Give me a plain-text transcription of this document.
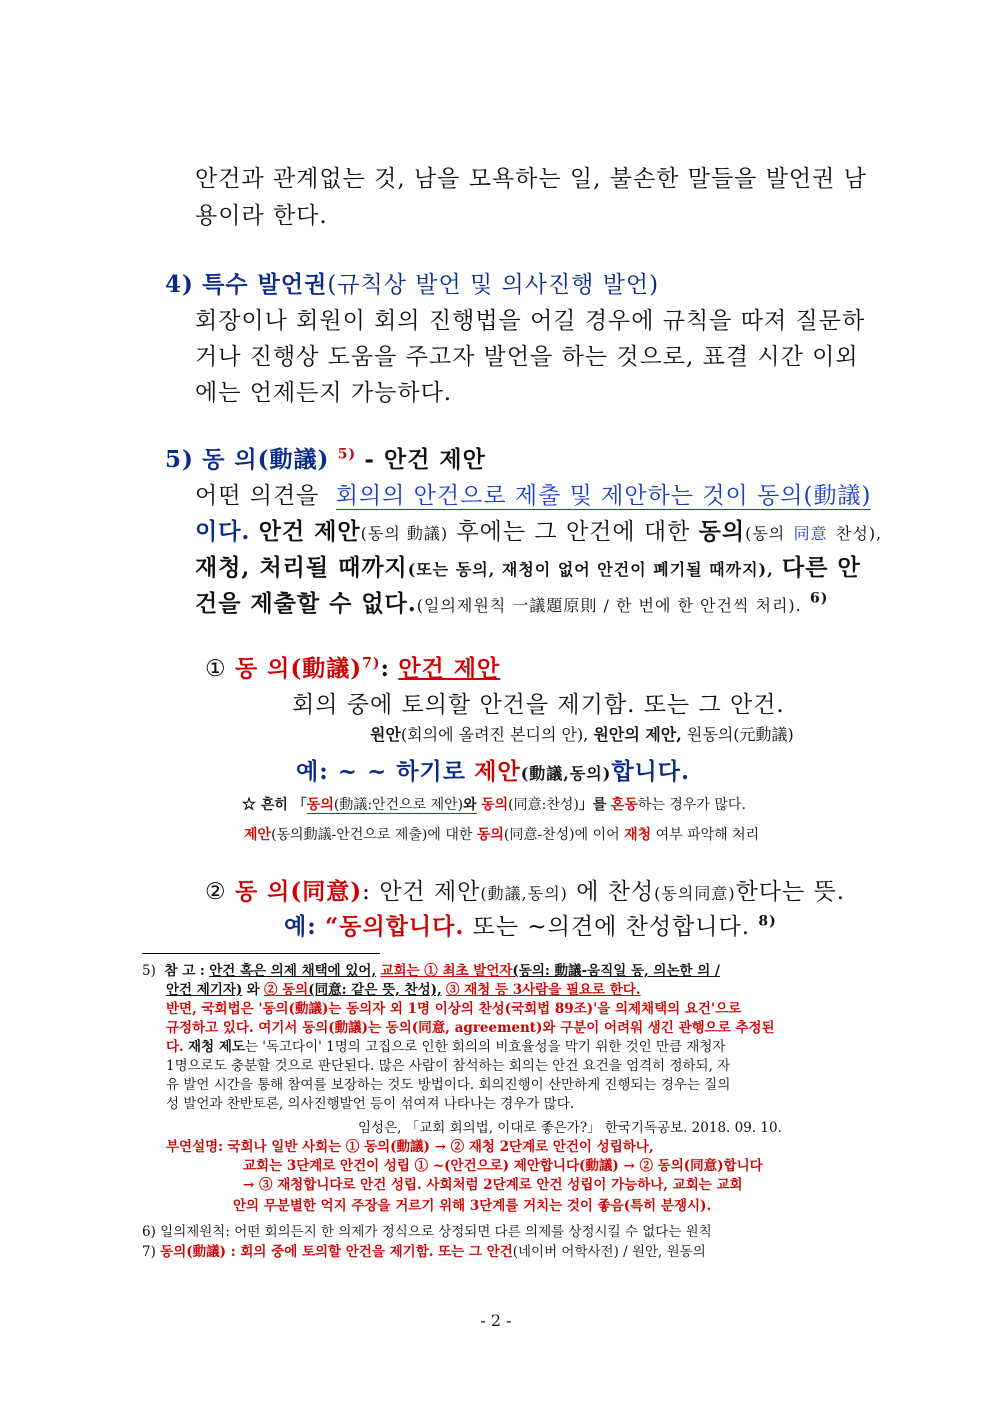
안건과 관계없는 것, 남을 모욕하는 일, 불손한 말들을 발언권 남
용이라 한다.
4) 특수 발언권(규칙상 발언 및 의사진행 발언)
회장이나 회원이 회의 진행법을 어길 경우에 규칙을 따져 질문하
거나 진행상 도움을 주고자 발언을 하는 것으로, 표결 시간 이외
에는 언제든지 가능하다.
5) 동 의(動議) $^{5)}$ - 안건 제안
어떤 의견을 회의의 안건으로 제출 및 제안하는 것이 동의(動議)
이다. 안건 제안(동의 動議) 후에는 그 안건에 대한 동의(동의 同意 찬성),
재청, 처리될 때까지(또는 동의, 재청이 없어 안건이 폐기될 때까지), 다른 안
건을 제출할 수 없다.(일의제원칙 一議題原則 / 한 번에 한 안건씩 처리). $^{6)}$
① 동 의(動議)$^{7)}$: 안건 제안
회의 중에 토의할 안건을 제기함. 또는 그 안건.
원안(회의에 올려진 본디의 안), 원안의 제안, 원동의(元動議)
예: ~ ~ 하기로 제안(動議,동의)합니다.
☆ 흔히 「동의(動議:안건으로 제안)와 동의(同意:찬성)」를 혼동하는 경우가 많다.
제안(동의動議-안건으로 제출)에 대한 동의(同意-찬성)에 이어 재청 여부 파악해 처리
② 동 의(同意): 안건 제안(動議,동의) 에 찬성(동의同意)한다는 뜻.
예: “동의합니다. 또는 ~의견에 찬성합니다. $^{8)}$
5) 참 고 : 안건 혹은 의제 채택에 있어, 교회는 ① 최초 발언자(동의: 動議-움직일 동, 의논한 의 /
안건 제기자) 와 ② 동의(同意: 같은 뜻, 찬성), ③ 재청 등 3사람을 필요로 한다.
반면, 국회법은 '동의(動議)는 동의자 외 1명 이상의 찬성(국회법 89조)'을 의제채택의 요건'으로
규정하고 있다. 여기서 동의(動議)는 동의(同意, agreement)와 구분이 어려워 생긴 관행으로 추정된
다. 재청 제도는 '독고다이' 1명의 고집으로 인한 회의의 비효율성을 막기 위한 것인 만큼 재청자
1명으로도 충분할 것으로 판단된다. 많은 사람이 참석하는 회의는 안건 요건을 엄격히 정하되, 자
유 발언 시간을 통해 참여를 보장하는 것도 방법이다. 회의진행이 산만하게 진행되는 경우는 질의
성 발언과 찬반토론, 의사진행발언 등이 섞여져 나타나는 경우가 많다.
임성은, 「교회 회의법, 이대로 좋은가?」 한국기독공보. 2018. 09. 10.
부연설명: 국회나 일반 사회는 ① 동의(動議) → ② 재청 2단계로 안건이 성립하나,
교회는 3단계로 안건이 성립 ① ~(안건으로) 제안합니다(動議) → ② 동의(同意)합니다
→ ③ 재청합니다로 안건 성립. 사회처럼 2단계로 안건 성립이 가능하나, 교회는 교회
안의 무분별한 억지 주장을 거르기 위해 3단계를 거치는 것이 좋음(특히 분쟁시).
6) 일의제원칙: 어떤 회의든지 한 의제가 정식으로 상정되면 다른 의제를 상정시킬 수 없다는 원칙
7) 동의(動議) : 회의 중에 토의할 안건을 제기함. 또는 그 안건(네이버 어학사전) / 원안, 원동의
- 2 -
